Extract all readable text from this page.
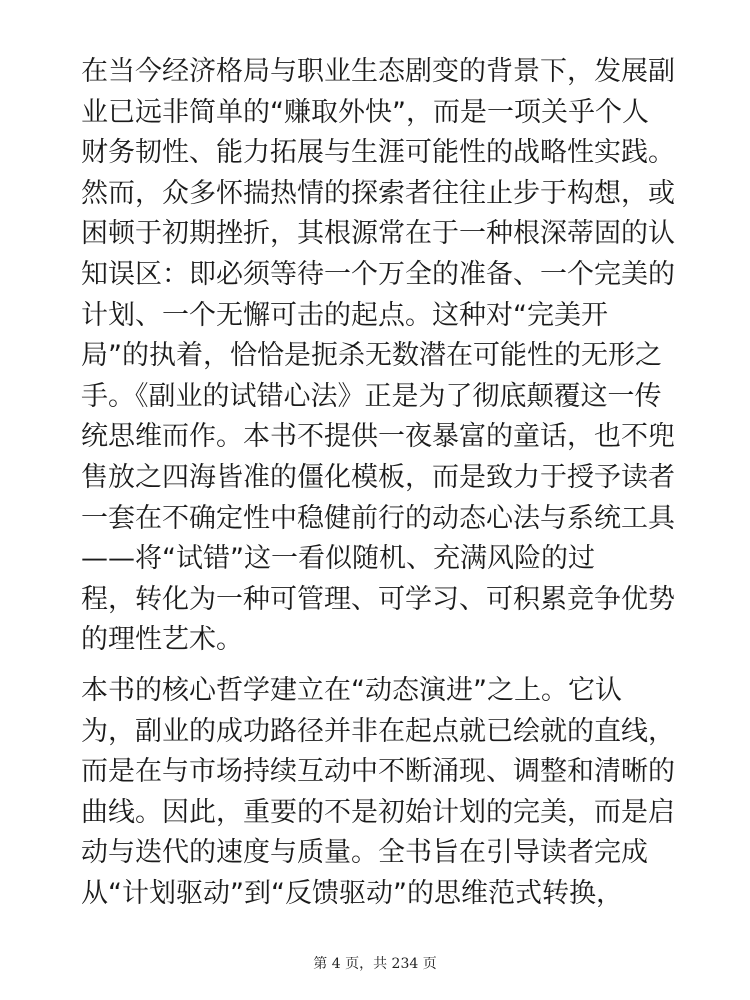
在当今经济格局与职业生态剧变的背景下，发展副
业已远非简单的“赚取外快”，而是一项关乎个人
财务韧性、能力拓展与生涯可能性的战略性实践。
然而，众多怀揣热情的探索者往往止步于构想，或
困顿于初期挫折，其根源常在于一种根深蒂固的认
知误区：即必须等待一个万全的准备、一个完美的
计划、一个无懈可击的起点。这种对“完美开
局”的执着，恰恰是扼杀无数潜在可能性的无形之
手。《副业的试错心法》正是为了彻底颠覆这一传
统思维而作。本书不提供一夜暴富的童话，也不兜
售放之四海皆准的僵化模板，而是致力于授予读者
一套在不确定性中稳健前行的动态心法与系统工具
——将“试错”这一看似随机、充满风险的过
程，转化为一种可管理、可学习、可积累竞争优势
的理性艺术。

本书的核心哲学建立在“动态演进”之上。它认
为，副业的成功路径并非在起点就已绘就的直线，
而是在与市场持续互动中不断涌现、调整和清晰的
曲线。因此，重要的不是初始计划的完美，而是启
动与迭代的速度与质量。全书旨在引导读者完成
从“计划驱动”到“反馈驱动”的思维范式转换，

第 4 页，共 234 页
